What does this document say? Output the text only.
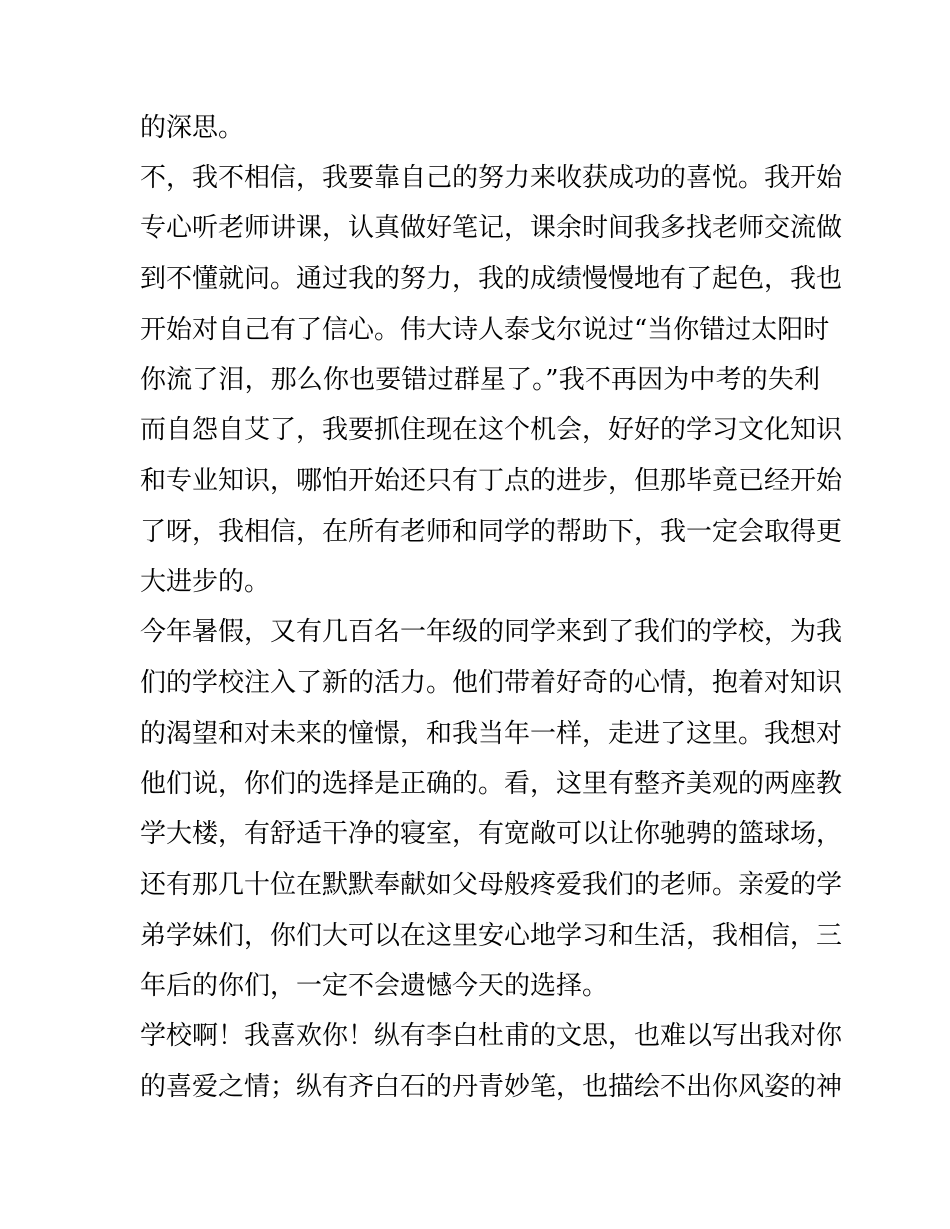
的深思。
不，我不相信，我要靠自己的努力来收获成功的喜悦。我开始
专心听老师讲课，认真做好笔记，课余时间我多找老师交流做
到不懂就问。通过我的努力，我的成绩慢慢地有了起色，我也
开始对自己有了信心。伟大诗人泰戈尔说过“当你错过太阳时
你流了泪，那么你也要错过群星了。”我不再因为中考的失利
而自怨自艾了，我要抓住现在这个机会，好好的学习文化知识
和专业知识，哪怕开始还只有丁点的进步，但那毕竟已经开始
了呀，我相信，在所有老师和同学的帮助下，我一定会取得更
大进步的。
今年暑假，又有几百名一年级的同学来到了我们的学校，为我
们的学校注入了新的活力。他们带着好奇的心情，抱着对知识
的渴望和对未来的憧憬，和我当年一样，走进了这里。我想对
他们说，你们的选择是正确的。看，这里有整齐美观的两座教
学大楼，有舒适干净的寝室，有宽敞可以让你驰骋的篮球场，
还有那几十位在默默奉献如父母般疼爱我们的老师。亲爱的学
弟学妹们，你们大可以在这里安心地学习和生活，我相信，三
年后的你们，一定不会遗憾今天的选择。
学校啊！我喜欢你！纵有李白杜甫的文思，也难以写出我对你
的喜爱之情；纵有齐白石的丹青妙笔，也描绘不出你风姿的神
